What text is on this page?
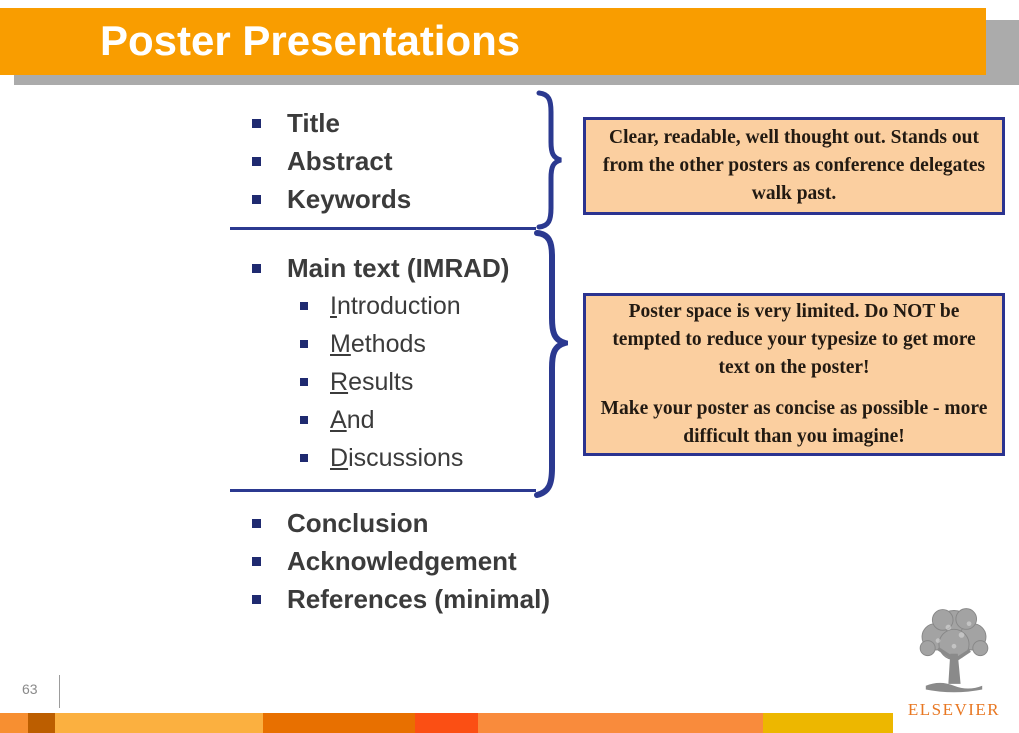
Poster Presentations
Title
Abstract
Keywords
Main text (IMRAD)
Introduction
Methods
Results
And
Discussions
Conclusion
Acknowledgement
References (minimal)
Clear, readable, well thought out. Stands out from the other posters as conference delegates walk past.

Poster space is very limited. Do NOT be tempted to reduce your typesize to get more text on the poster!

Make your poster as concise as possible - more difficult than you imagine!

63
ELSEVIER
